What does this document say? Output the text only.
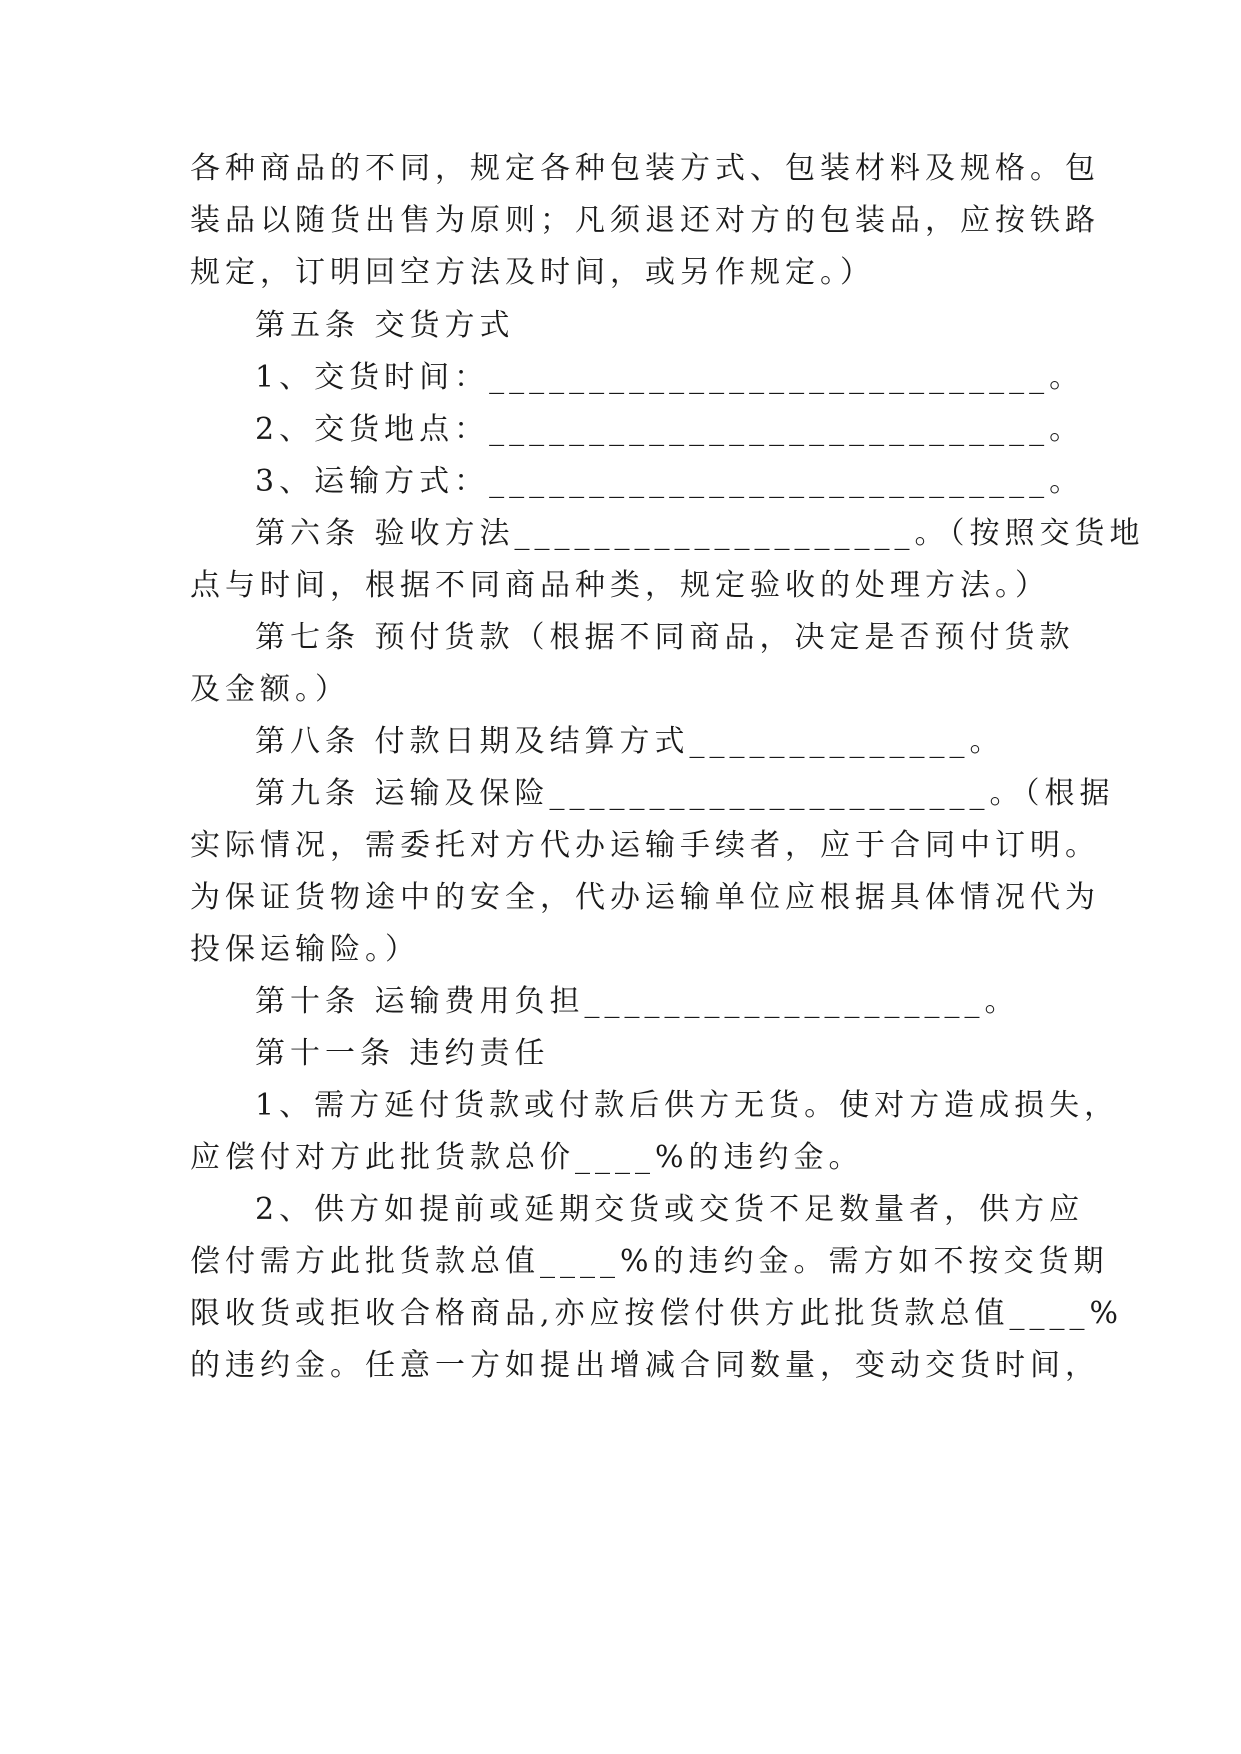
各种商品的不同，规定各种包装方式、包装材料及规格。包
装品以随货出售为原则；凡须退还对方的包装品，应按铁路
规定，订明回空方法及时间，或另作规定。）
第五条 交货方式
1、交货时间：____________________________。
2、交货地点：____________________________。
3、运输方式：____________________________。
第六条 验收方法____________________。（按照交货地
点与时间，根据不同商品种类，规定验收的处理方法。）
第七条 预付货款（根据不同商品，决定是否预付货款
及金额。）
第八条 付款日期及结算方式______________。
第九条 运输及保险______________________。（根据
实际情况，需委托对方代办运输手续者，应于合同中订明。
为保证货物途中的安全，代办运输单位应根据具体情况代为
投保运输险。）
第十条 运输费用负担____________________。
第十一条 违约责任
1、需方延付货款或付款后供方无货。使对方造成损失，
应偿付对方此批货款总价____%的违约金。
2、供方如提前或延期交货或交货不足数量者，供方应
偿付需方此批货款总值____%的违约金。需方如不按交货期
限收货或拒收合格商品,亦应按偿付供方此批货款总值____%
的违约金。任意一方如提出增减合同数量，变动交货时间，
